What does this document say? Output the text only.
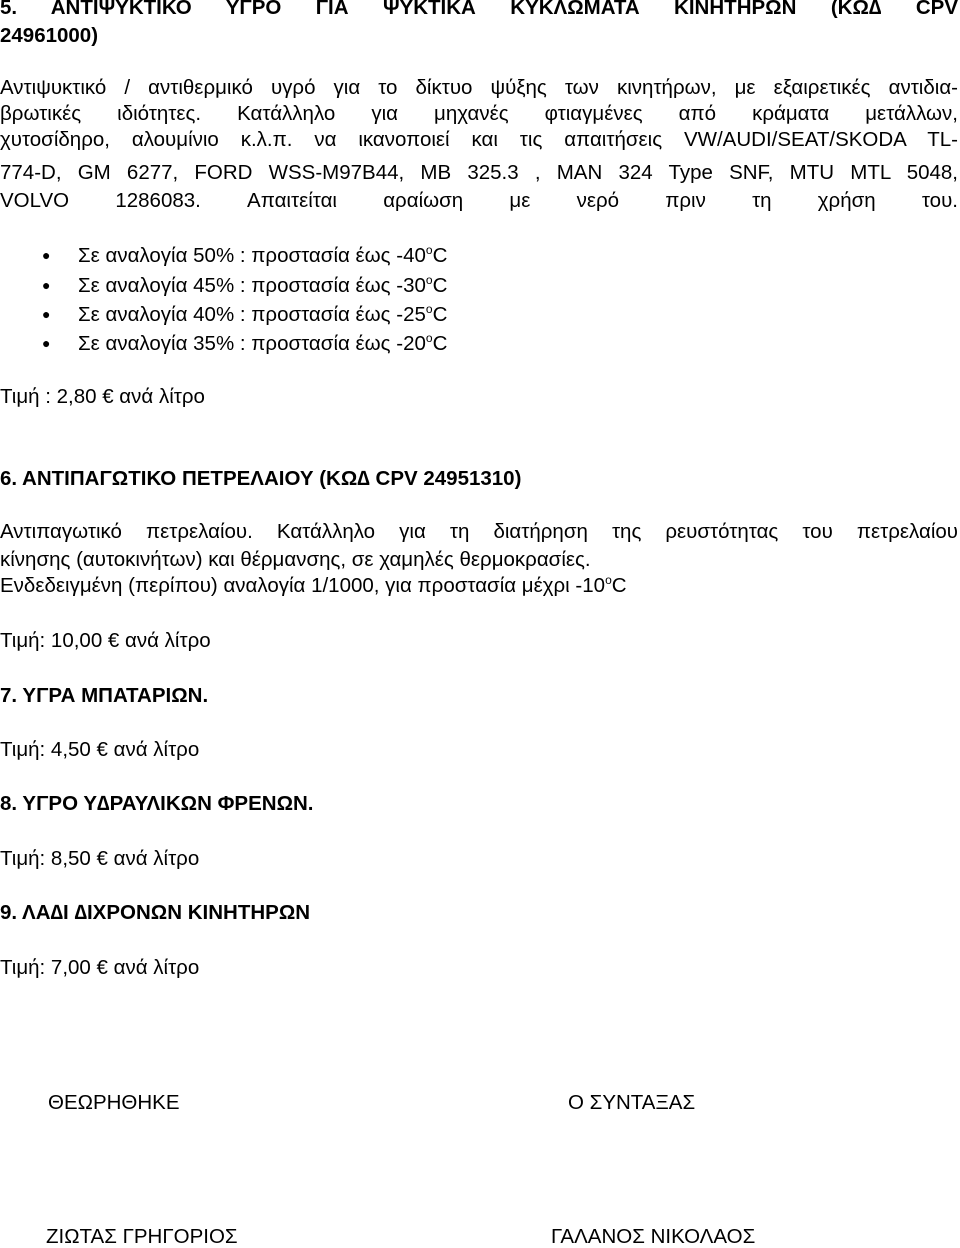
5. ΑΝΤΙΨΥΚΤΙΚΟ ΥΓΡΟ ΓΙΑ ΨΥΚΤΙΚΑ ΚΥΚΛΩΜΑΤΑ ΚΙΝΗΤΗΡΩΝ (ΚΩ∆ CPV
24961000)
Αντιψυκτικό / αντιθερμικό υγρό για το δίκτυο ψύξης των κινητήρων, με εξαιρετικές αντιδια-
βρωτικές ιδιότητες. Κατάλληλο για μηχανές φτιαγμένες από κράματα μετάλλων,
χυτοσίδηρο, αλουμίνιο κ.λ.π. να ικανοποιεί και τις απαιτήσεις VW/AUDI/SEAT/SKODA TL-
774-D, GM 6277, FORD WSS-M97B44, MB 325.3 , MAN 324 Type SNF, MTU MTL 5048,
VOLVO 1286083. Απαιτείται αραίωση με νερό πριν τη χρήση του.
● Σε αναλογία 50% : προστασία έως -40$^o$C
● Σε αναλογία 45% : προστασία έως -30$^o$C
● Σε αναλογία 40% : προστασία έως -25$^o$C
● Σε αναλογία 35% : προστασία έως -20$^o$C
Τιμή : 2,80 € ανά λίτρο
6. ΑΝΤΙΠΑΓΩΤΙΚΟ ΠΕΤΡΕΛΑΙΟΥ (ΚΩ∆ CPV 24951310)
Αντιπαγωτικό πετρελαίου. Κατάλληλο για τη διατήρηση της ρευστότητας του πετρελαίου
κίνησης (αυτοκινήτων) και θέρμανσης, σε χαμηλές θερμοκρασίες.
Ενδεδειγμένη (περίπου) αναλογία 1/1000, για προστασία μέχρι -10$^o$C
Τιμή: 10,00 € ανά λίτρο
7. ΥΓΡΑ ΜΠΑΤΑΡΙΩΝ.
Τιμή: 4,50 € ανά λίτρο
8. ΥΓΡΟ Υ∆ΡΑΥΛΙΚΩΝ ΦΡΕΝΩΝ.
Τιμή: 8,50 € ανά λίτρο
9. ΛΑ∆Ι ∆ΙΧΡΟΝΩΝ ΚΙΝΗΤΗΡΩΝ
Τιμή: 7,00 € ανά λίτρο
ΘΕΩΡΗΘΗΚΕ	Ο ΣΥΝΤΑΞΑΣ
ΖΙΩΤΑΣ ΓΡΗΓΟΡΙΟΣ	ΓΑΛΑΝΟΣ ΝΙΚΟΛΑΟΣ
